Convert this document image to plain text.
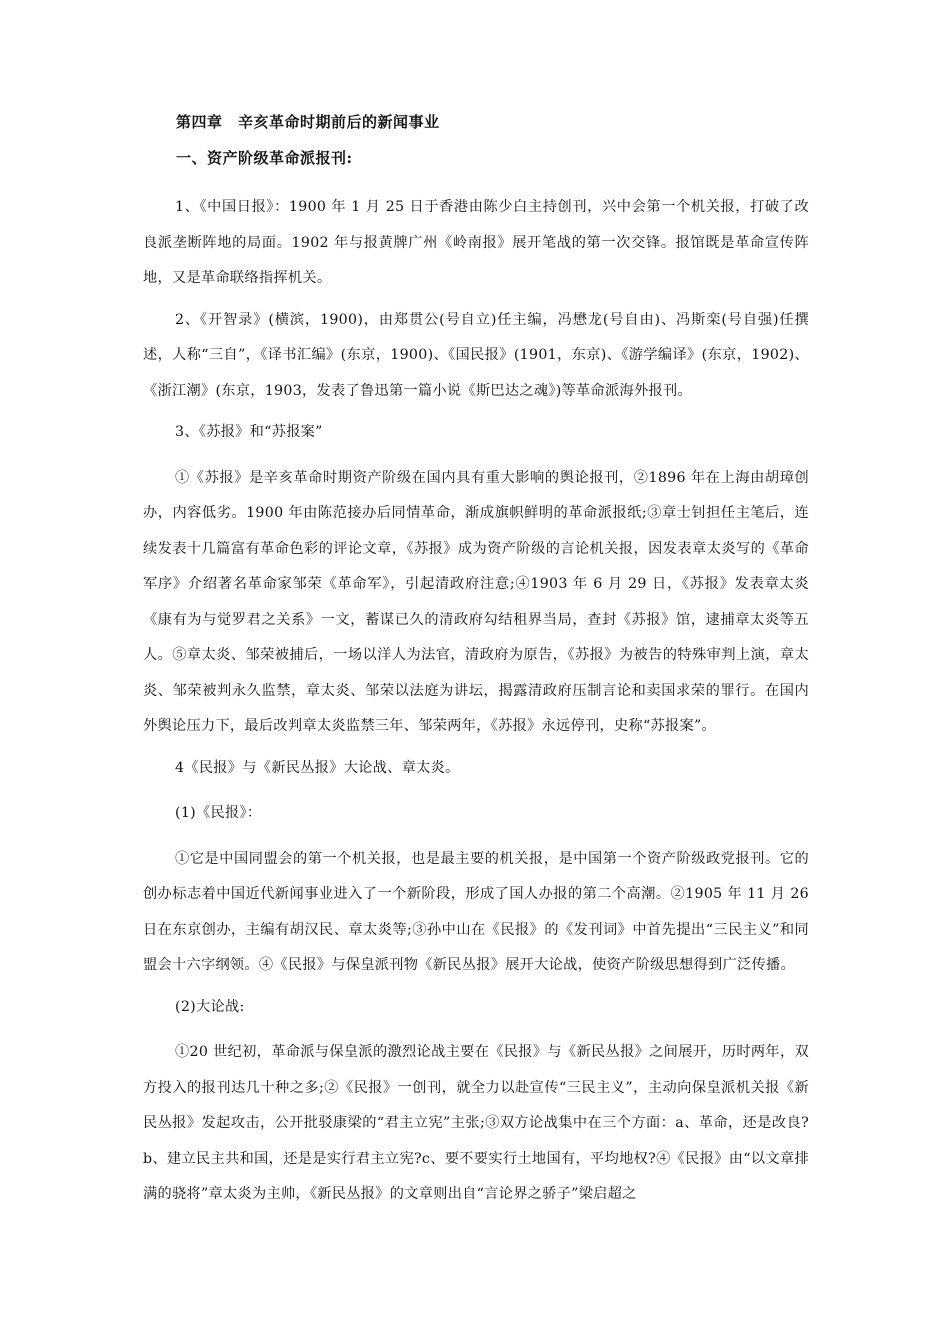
第四章　辛亥革命时期前后的新闻事业

一、资产阶级革命派报刊:

1、《中国日报》：1900 年 1 月 25 日于香港由陈少白主持创刊，兴中会第一个机关报，打破了改良派垄断阵地的局面。1902 年与报黄牌广州《岭南报》展开笔战的第一次交锋。报馆既是革命宣传阵地，又是革命联络指挥机关。

2、《开智录》(横滨，1900)，由郑贯公(号自立)任主编，冯懋龙(号自由)、冯斯栾(号自强)任撰述，人称“三自”，《译书汇编》(东京，1900)、《国民报》(1901，东京)、《游学编译》(东京，1902)、《浙江潮》(东京，1903，发表了鲁迅第一篇小说《斯巴达之魂》)等革命派海外报刊。

3、《苏报》和“苏报案”

①《苏报》是辛亥革命时期资产阶级在国内具有重大影响的舆论报刊，②1896 年在上海由胡璋创办，内容低劣。1900 年由陈范接办后同情革命，渐成旗帜鲜明的革命派报纸;③章士钊担任主笔后，连续发表十几篇富有革命色彩的评论文章，《苏报》成为资产阶级的言论机关报，因发表章太炎写的《革命军序》介绍著名革命家邹荣《革命军》，引起清政府注意;④1903 年 6 月 29 日，《苏报》发表章太炎《康有为与觉罗君之关系》一文，蓄谋已久的清政府勾结租界当局，查封《苏报》馆，逮捕章太炎等五人。⑤章太炎、邹荣被捕后，一场以洋人为法官，清政府为原告，《苏报》为被告的特殊审判上演，章太炎、邹荣被判永久监禁，章太炎、邹荣以法庭为讲坛，揭露清政府压制言论和卖国求荣的罪行。在国内外舆论压力下，最后改判章太炎监禁三年、邹荣两年，《苏报》永远停刊，史称“苏报案”。

4《民报》与《新民丛报》大论战、章太炎。

(1)《民报》：

①它是中国同盟会的第一个机关报，也是最主要的机关报，是中国第一个资产阶级政党报刊。它的创办标志着中国近代新闻事业进入了一个新阶段，形成了国人办报的第二个高潮。②1905 年 11 月 26 日在东京创办，主编有胡汉民、章太炎等;③孙中山在《民报》的《发刊词》中首先提出“三民主义”和同盟会十六字纲领。④《民报》与保皇派刊物《新民丛报》展开大论战，使资产阶级思想得到广泛传播。

(2)大论战:

①20 世纪初，革命派与保皇派的激烈论战主要在《民报》与《新民丛报》之间展开，历时两年，双方投入的报刊达几十种之多;②《民报》一创刊，就全力以赴宣传“三民主义”，主动向保皇派机关报《新民丛报》发起攻击，公开批驳康梁的“君主立宪”主张;③双方论战集中在三个方面：a、革命，还是改良?b、建立民主共和国，还是是实行君主立宪?c、要不要实行土地国有，平均地权?④《民报》由“以文章排满的骁将”章太炎为主帅，《新民丛报》的文章则出自“言论界之骄子”梁启超之
